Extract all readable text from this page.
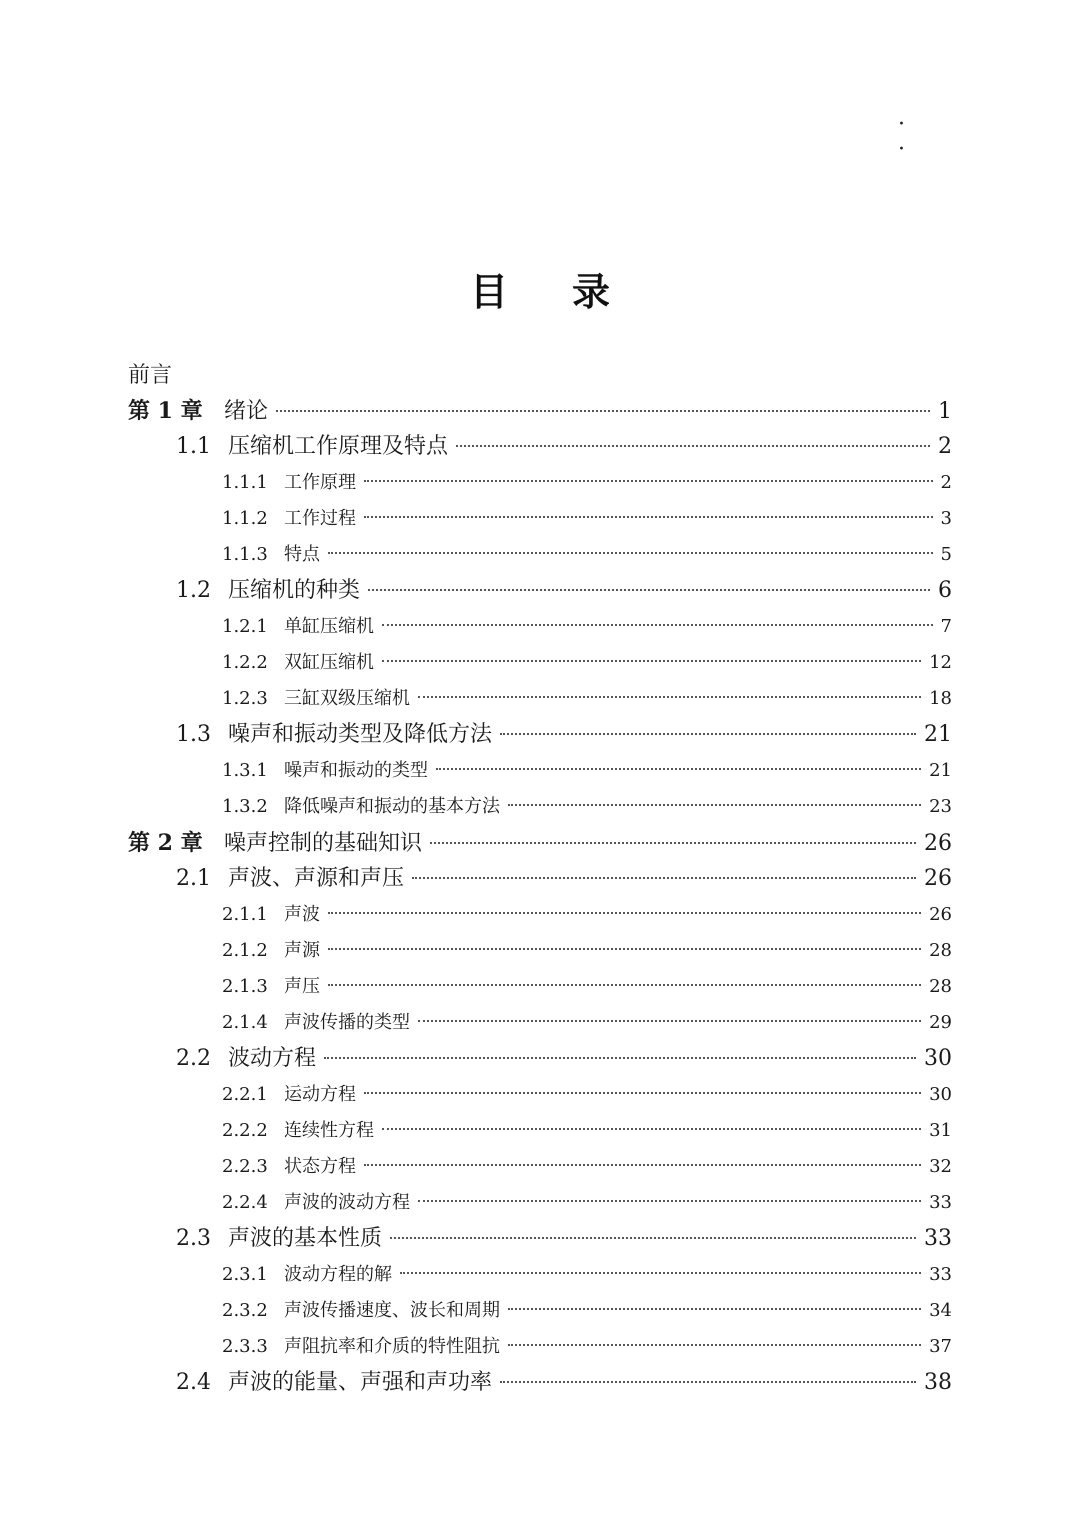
· ·
目 录
前言
第 1 章 绪论	1
1.1 压缩机工作原理及特点	2
1.1.1 工作原理	2
1.1.2 工作过程	3
1.1.3 特点	5
1.2 压缩机的种类	6
1.2.1 单缸压缩机	7
1.2.2 双缸压缩机	12
1.2.3 三缸双级压缩机	18
1.3 噪声和振动类型及降低方法	21
1.3.1 噪声和振动的类型	21
1.3.2 降低噪声和振动的基本方法	23
第 2 章 噪声控制的基础知识	26
2.1 声波、声源和声压	26
2.1.1 声波	26
2.1.2 声源	28
2.1.3 声压	28
2.1.4 声波传播的类型	29
2.2 波动方程	30
2.2.1 运动方程	30
2.2.2 连续性方程	31
2.2.3 状态方程	32
2.2.4 声波的波动方程	33
2.3 声波的基本性质	33
2.3.1 波动方程的解	33
2.3.2 声波传播速度、波长和周期	34
2.3.3 声阻抗率和介质的特性阻抗	37
2.4 声波的能量、声强和声功率	38
